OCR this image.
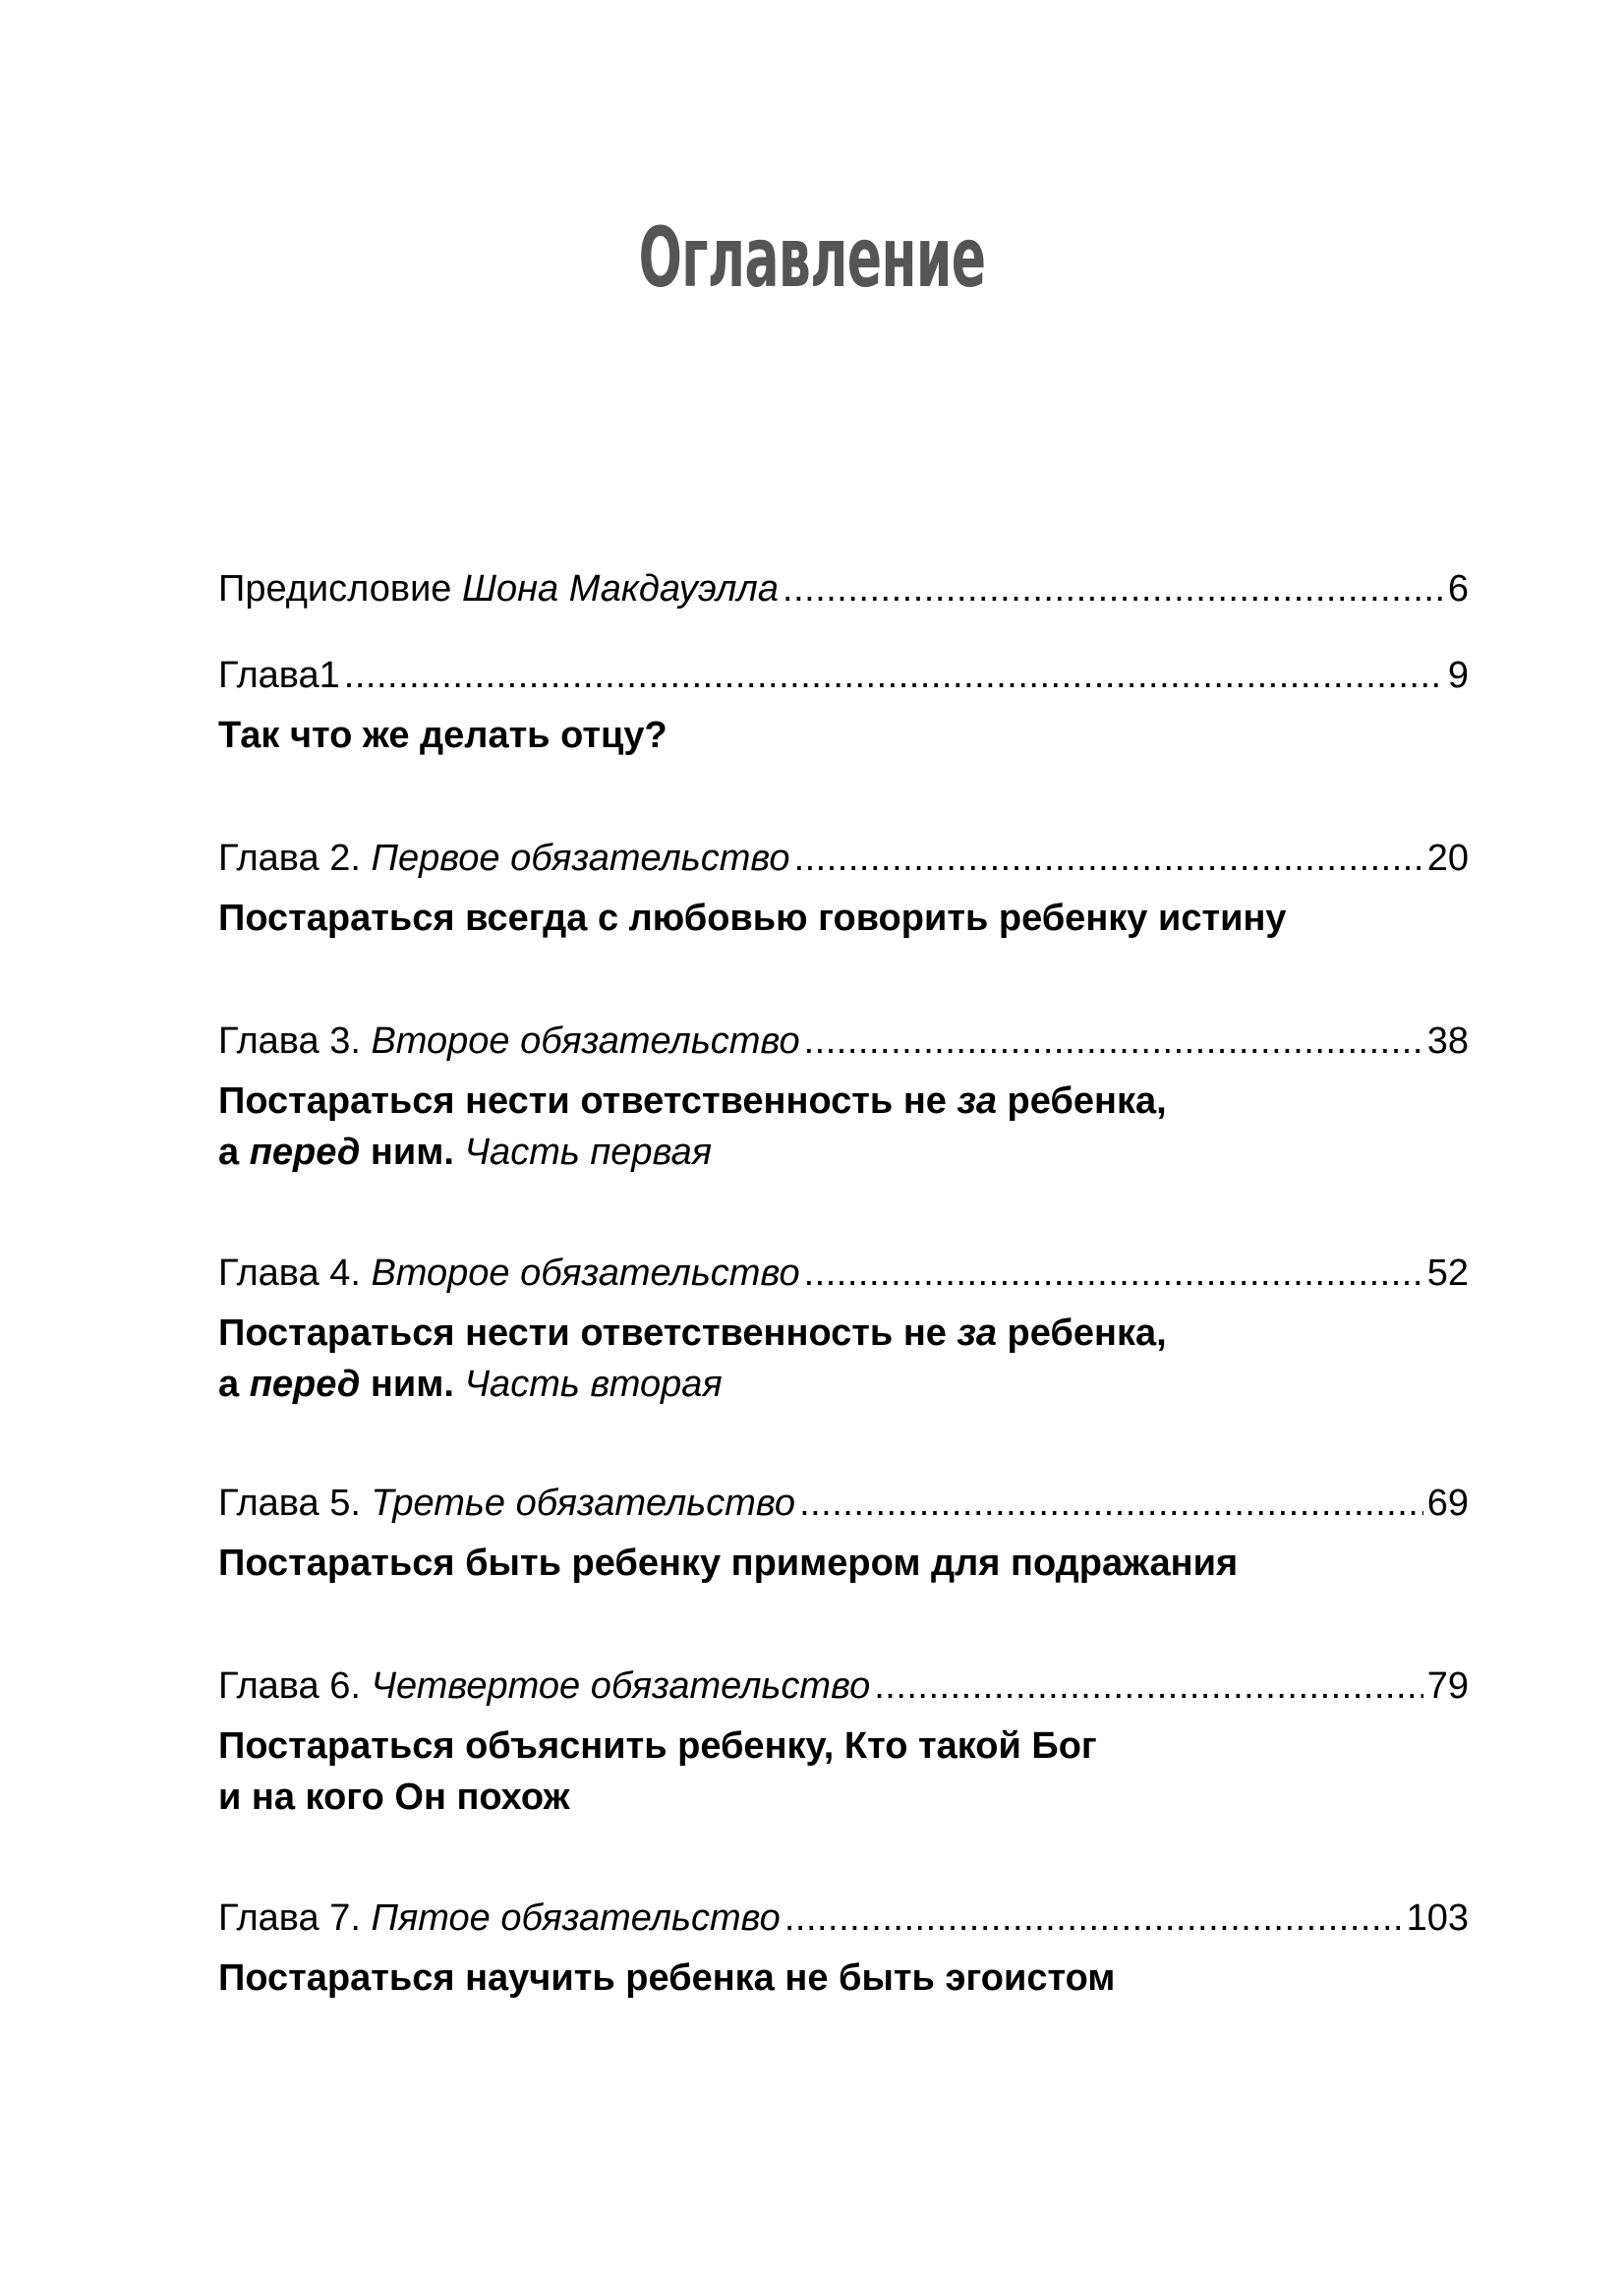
Оглавление
Предисловие Шона Макдауэлла .....	6
Глава1 .....	9
Так что же делать отцу?
Глава 2. Первое обязательство .....	20
Постараться всегда с любовью говорить ребенку истину
Глава 3. Второе обязательство .....	38
Постараться нести ответственность не за ребенка,
а перед ним. Часть первая
Глава 4. Второе обязательство .....	52
Постараться нести ответственность не за ребенка,
а перед ним. Часть вторая
Глава 5. Третье обязательство .....	69
Постараться быть ребенку примером для подражания
Глава 6. Четвертое обязательство .....	79
Постараться объяснить ребенку, Кто такой Бог
и на кого Он похож
Глава 7. Пятое обязательство .....	103
Постараться научить ребенка не быть эгоистом
